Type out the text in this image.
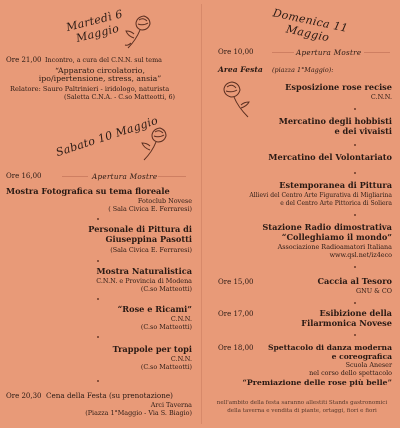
Martedì 6 Maggio
Ore 21,00 Incontro, a cura del C.N.N. sul tema
“Apparato circolatorio,
ipo/ipertensione, stress, ansia”
Relatore: Sauro Paltrinieri - iridologo, naturista
(Saletta C.N.A. - C.so Matteotti, 6)
Sabato 10 Maggio
Ore 16,00	Apertura Mostre
Mostra Fotografica su tema floreale
Fotoclub Novese
( Sala Civica E. Ferraresi)
Personale di Pittura di
Giuseppina Pasotti
(Sala Civica E. Ferraresi)
Mostra Naturalistica
C.N.N. e Provincia di Modena
(C.so Matteotti)
“Rose e Ricami”
C.N.N.
(C.so Matteotti)
Trappole per topi
C.N.N.
(C.so Matteotti)
Ore 20,30 Cena della Festa (su prenotazione)
Arci Taverna
(Piazza 1°Maggio - Via S. Biagio)
Domenica 11 Maggio
Ore 10,00	Apertura Mostre
Area Festa (piazza 1°Maggio):
Esposizione rose recise
C.N.N.
Mercatino degli hobbisti
e dei vivaisti
Mercatino del Volontariato
Estemporanea di Pittura
Allievi del Centro Arte Figurativa di Migliarina
e del Centro Arte Pittorica di Soliera
Stazione Radio dimostrativa
“Colleghiamo il mondo”
Associazione Radioamatori Italiana
www.qsl.net/iz4eco
Ore 15,00	Caccia al Tesoro
GNU & CO
Ore 17,00	Esibizione della
Filarmonica Novese
Ore 18,00 Spettacolo di danza moderna
e coreografica
Scuola Aneser
nel corso dello spettacolo
“Premiazione delle rose più belle”
nell'ambito della festa saranno allestiti Stands gastronomici
della taverna e vendita di piante, ortaggi, fiori e fiori
